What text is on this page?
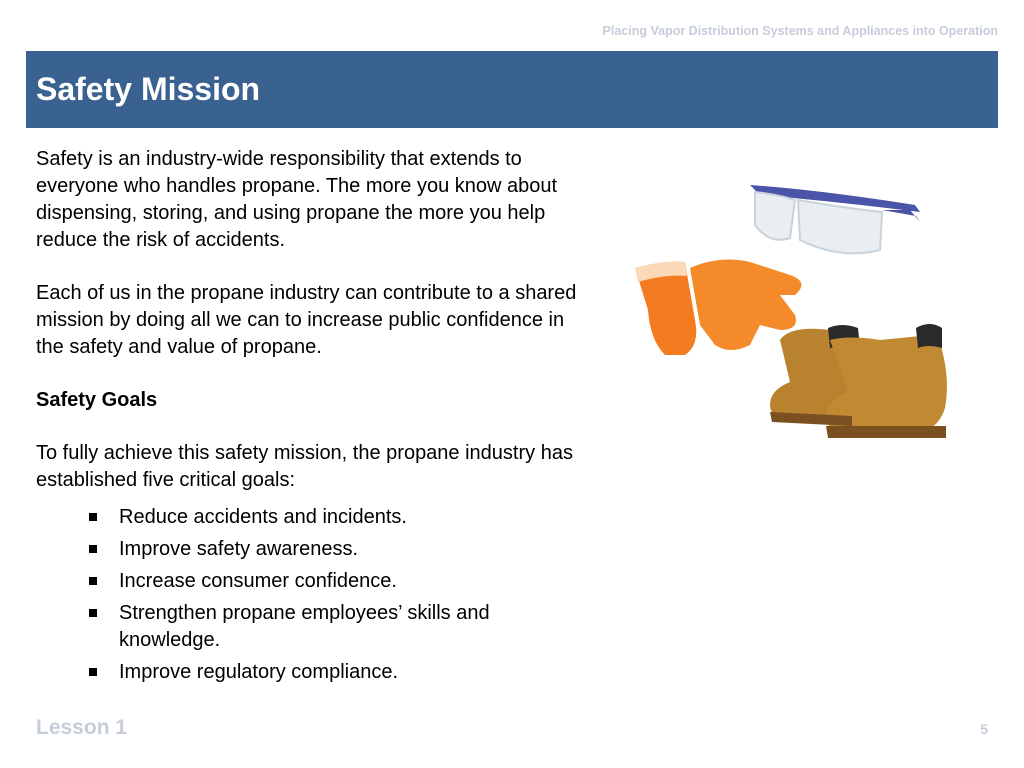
Placing Vapor Distribution Systems and Appliances into Operation
Safety Mission

Safety is an industry-wide responsibility that extends to everyone who handles propane. The more you know about dispensing, storing, and using propane the more you help reduce the risk of accidents.

Each of us in the propane industry can contribute to a shared mission by doing all we can to increase public confidence in the safety and value of propane.

Safety Goals

To fully achieve this safety mission, the propane industry has established five critical goals:

Reduce accidents and incidents.
Improve safety awareness.
Increase consumer confidence.
Strengthen propane employees’ skills and knowledge.
Improve regulatory compliance.
Lesson 1	5
